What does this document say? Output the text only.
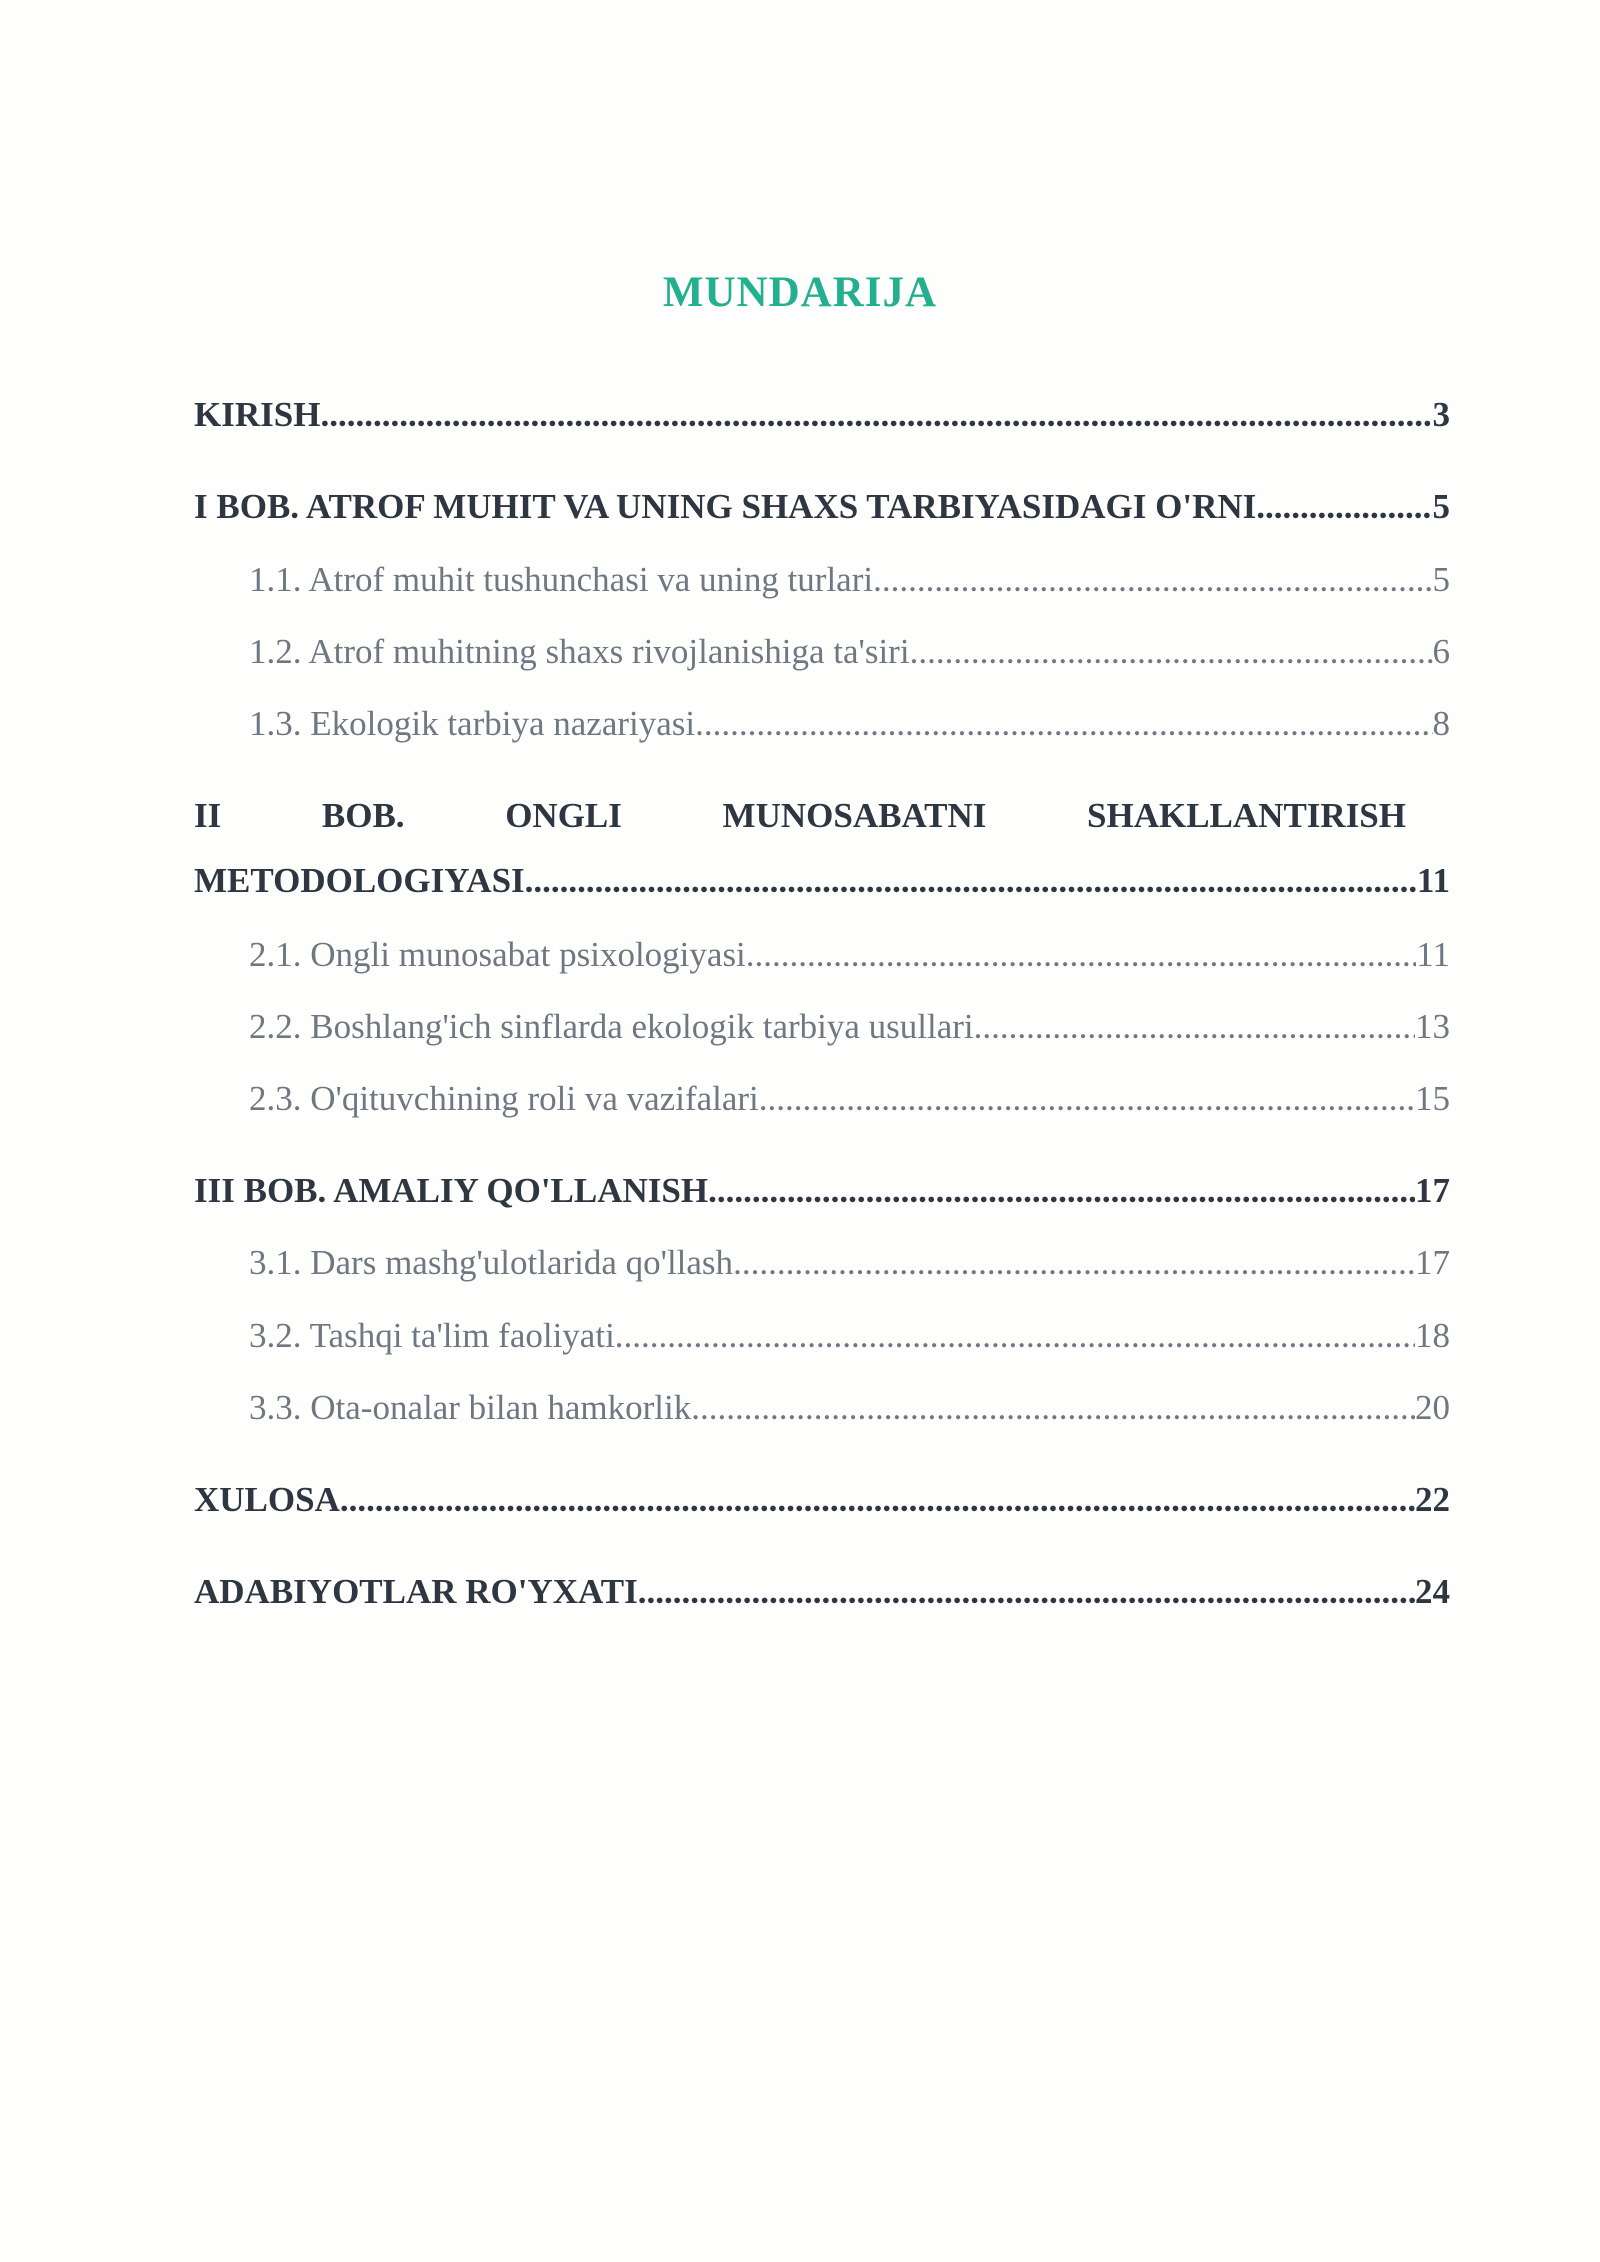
MUNDARIJA
KIRISH .....	3
I BOB. ATROF MUHIT VA UNING SHAXS TARBIYASIDAGI O'RNI .....	5
1.1. Atrof muhit tushunchasi va uning turlari .....	5
1.2. Atrof muhitning shaxs rivojlanishiga ta'siri .....	6
1.3. Ekologik tarbiya nazariyasi .....	8
II	BOB.	ONGLI	MUNOSABATNI	SHAKLLANTIRISH
METODOLOGIYASI .....	11
2.1. Ongli munosabat psixologiyasi .....	11
2.2. Boshlang'ich sinflarda ekologik tarbiya usullari .....	13
2.3. O'qituvchining roli va vazifalari .....	15
III BOB. AMALIY QO'LLANISH .....	17
3.1. Dars mashg'ulotlarida qo'llash .....	17
3.2. Tashqi ta'lim faoliyati .....	18
3.3. Ota-onalar bilan hamkorlik .....	20
XULOSA .....	22
ADABIYOTLAR RO'YXATI .....	24
